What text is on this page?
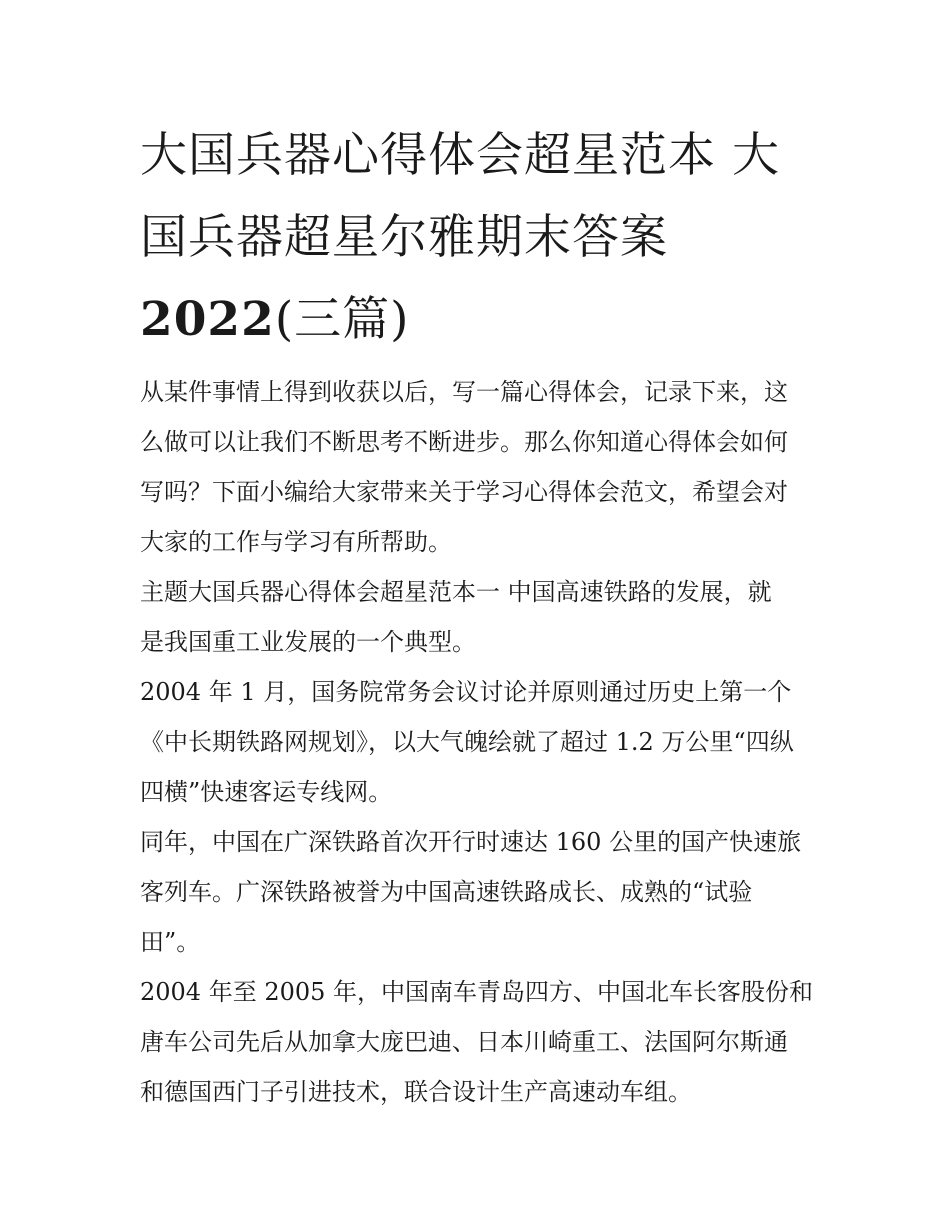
大国兵器心得体会超星范本 大
国兵器超星尔雅期末答案
2022(三篇)
从某件事情上得到收获以后，写一篇心得体会，记录下来，这
么做可以让我们不断思考不断进步。那么你知道心得体会如何
写吗？下面小编给大家带来关于学习心得体会范文，希望会对
大家的工作与学习有所帮助。
主题大国兵器心得体会超星范本一 中国高速铁路的发展，就
是我国重工业发展的一个典型。
2004 年 1 月，国务院常务会议讨论并原则通过历史上第一个
《中长期铁路网规划》，以大气魄绘就了超过 1.2 万公里“四纵
四横”快速客运专线网。
同年，中国在广深铁路首次开行时速达 160 公里的国产快速旅
客列车。广深铁路被誉为中国高速铁路成长、成熟的“试验
田”。
2004 年至 2005 年，中国南车青岛四方、中国北车长客股份和
唐车公司先后从加拿大庞巴迪、日本川崎重工、法国阿尔斯通
和德国西门子引进技术，联合设计生产高速动车组。
